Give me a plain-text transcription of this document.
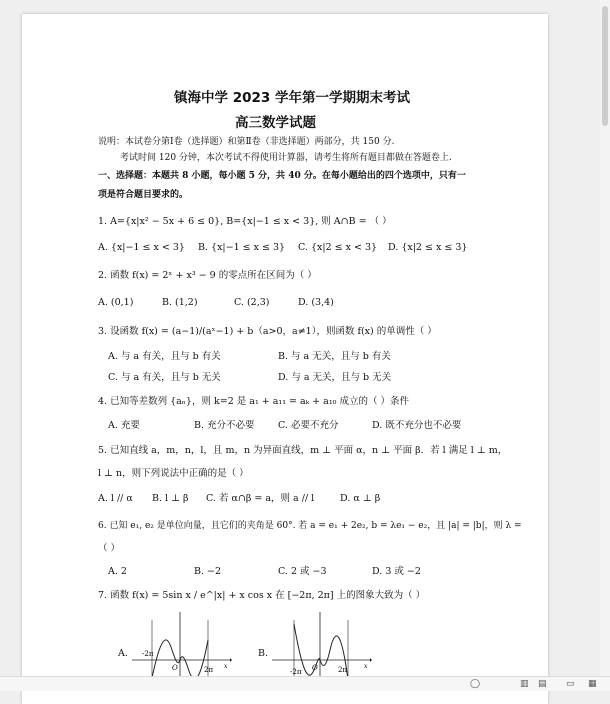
镇海中学 2023 学年第一学期期末考试
高三数学试题
说明：本试卷分第Ⅰ卷（选择题）和第Ⅱ卷（非选择题）两部分，共 150 分.
考试时间 120 分钟，本次考试不得使用计算器，请考生将所有题目都做在答题卷上.
一、选择题：本题共 8 小题，每小题 5 分，共 40 分。在每小题给出的四个选项中，只有一
项是符合题目要求的。
1. A={x|x² − 5x + 6 ≤ 0}, B={x|−1 ≤ x < 3}, 则 A∩B = （ ）
A. {x|−1 ≤ x < 3} B. {x|−1 ≤ x ≤ 3} C. {x|2 ≤ x < 3} D. {x|2 ≤ x ≤ 3}
2. 函数 f(x) = 2ˣ + x³ − 9 的零点所在区间为（ ）
A. (0,1)	B. (1,2)	C. (2,3)	D. (3,4)
3. 设函数 f(x) = (a−1)/(aˣ−1) + b（a>0，a≠1），则函数 f(x) 的单调性（ ）
A. 与 a 有关，且与 b 有关	B. 与 a 无关，且与 b 有关
C. 与 a 有关，且与 b 无关	D. 与 a 无关，且与 b 无关
4. 已知等差数列 {aₙ}，则 k=2 是 a₁ + a₁₁ = aₖ + a₁₀ 成立的（ ）条件
A. 充要	B. 充分不必要 C. 必要不充分	D. 既不充分也不必要
5. 已知直线 a，m，n，l，且 m，n 为异面直线，m ⊥ 平面 α，n ⊥ 平面 β．若 l 满足 l ⊥ m，
l ⊥ n，则下列说法中正确的是（ ）
A. l // α B. l ⊥ β C. 若 α∩β = a，则 a // l	D. α ⊥ β
6. 已知 e₁, e₂ 是单位向量，且它们的夹角是 60°. 若 a = e₁ + 2e₂, b = λe₁ − e₂，且 |a| = |b|，则 λ =
（ ）
A. 2	B. −2	C. 2 或 −3	D. 3 或 −2
7. 函数 f(x) = 5sin x / e^|x| + x cos x 在 [−2π, 2π] 上的图象大致为（ ）
A. -2π
O	2π x
B.
-2π O	2π	x
◯	▥ ▤ ▭ ▦
